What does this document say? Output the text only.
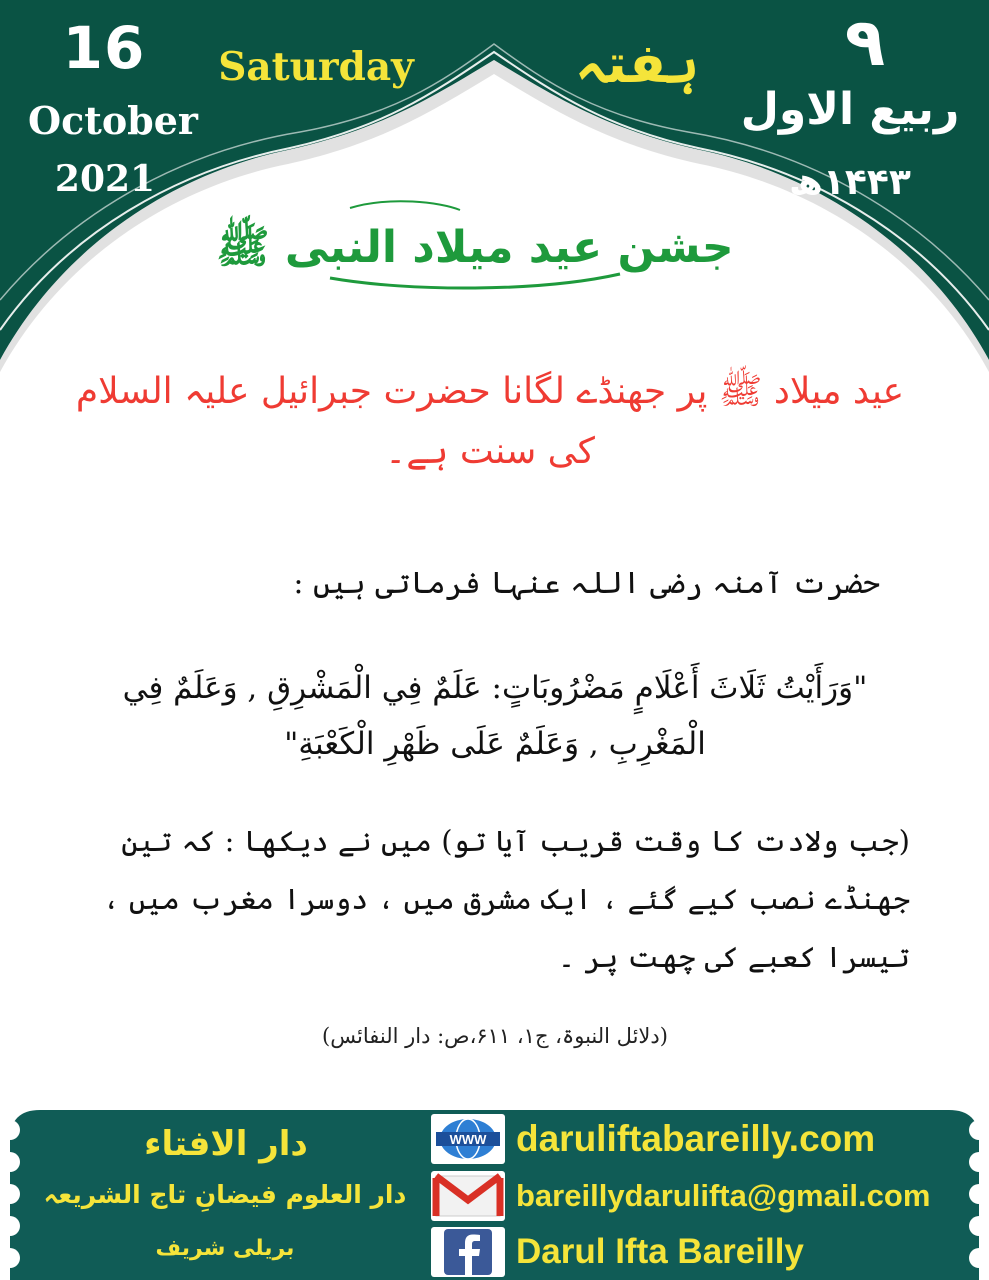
16
October
2021
Saturday	ہفتہ	۹
ربیع الاول
۱۴۴۳ھ
جشن عید میلاد النبی ﷺ
عید میلاد ﷺ پر جھنڈے لگانا حضرت جبرائیل علیہ السلام کی سنت ہے۔
حضرت آمنہ رضی اللہ عنہا فرماتی ہیں :
"وَرَأَيْتُ ثَلَاثَ أَعْلَامٍ مَضْرُوبَاتٍ: عَلَمٌ فِي الْمَشْرِقِ , وَعَلَمٌ فِي الْمَغْرِبِ , وَعَلَمٌ عَلَى ظَهْرِ الْكَعْبَةِ"
(جب ولادت کا وقت قریب آیا تو) میں نے دیکھا : کہ تین جھنڈے نصب کیے گئے ، ایک مشرق میں ، دوسرا مغرب میں ، تیسرا کعبے کی چھت پر ۔
(دلائل النبوۃ، ج۱، ۶۱۱،ص: دار النفائس)
دار الافتاء
دار العلوم فیضانِ تاج الشریعہ
بریلی شریف
WWW daruliftabareilly.com
bareillydarulifta@gmail.com
Darul Ifta Bareilly
